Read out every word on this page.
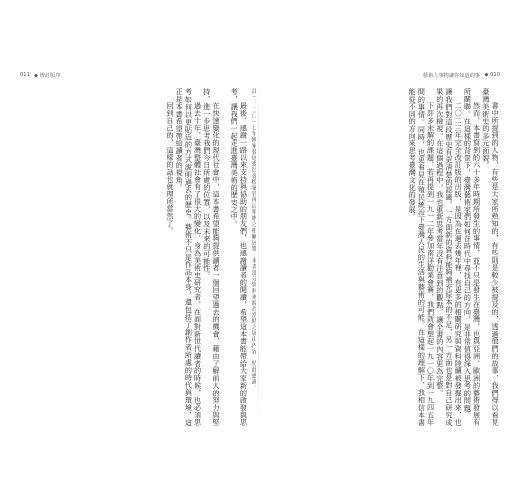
011 ◆ 增訂版序

註一：二〇一七年國家發展委員會檔案管理局舉辦之相關展覽，本書部分資料來源為當時之展出內容，特此感謝。

最後，感謝一路以來支持與協助的朋友們，也感謝讀者的閱讀，希望這本書能帶給大家新的啟發與思考，讓我們一起走進臺灣美術的歷史之中。

在快速變化的現代社會中，這本書希望能夠提供讀者一個回望過去的機會，藉由了解前人的努力與堅持，進一步思考我們今日所處的位置，以及未來的可能性。

過去十年，臺灣整體社會有了很大的變化，身為美術史研究者，在面對新世代讀者的時候，也必須思考如何以更貼近的方式說明過去的歷史。藝術不只是作品本身，還包括了創作者所處的時代與環境，這正是本書希望帶給讀者的視角。

回到自己的，這樣的話也就理所當然了。

藝術人事物讓你知道的事 ◆ 010

書中所提到的人物，有些是大家所熟知的，有些則是較少被提及的，透過他們的故事，我們得以看見臺灣美術史的多元面貌。

然而，本書寫到的六十多年時期所發生的事情，並不只是發生在臺灣，也與亞洲、歐洲的藝術發展有所關聯。在這樣的背景下，臺灣藝術家們如何在時代中尋找自己的方向，是非常值得深入思考的問題。

二〇二三年完全改訂版的出版，是因為在過去幾年裡，有更多的相關研究與資料陸續被發掘出來，也讓我們對這段歷史有更清楚的認識。一方面新的資料能夠補充原本的不足，另一方面也是對自己研究成果的再次檢視。在這個過程中，我也重新思考當年沒有注意到的觀點，讓全書的內容更為完整。

下許多未解的課題，若再提到一九一二年參加南洋勸業會賽，我們就會想起一九一〇年到一九四五年間的事情。同時，也更看見在殖民統治下臺灣人民的生活與藝術的可能。在這樣的理解下，我相信本書能從不同的方向來思考臺灣文化的發展。
